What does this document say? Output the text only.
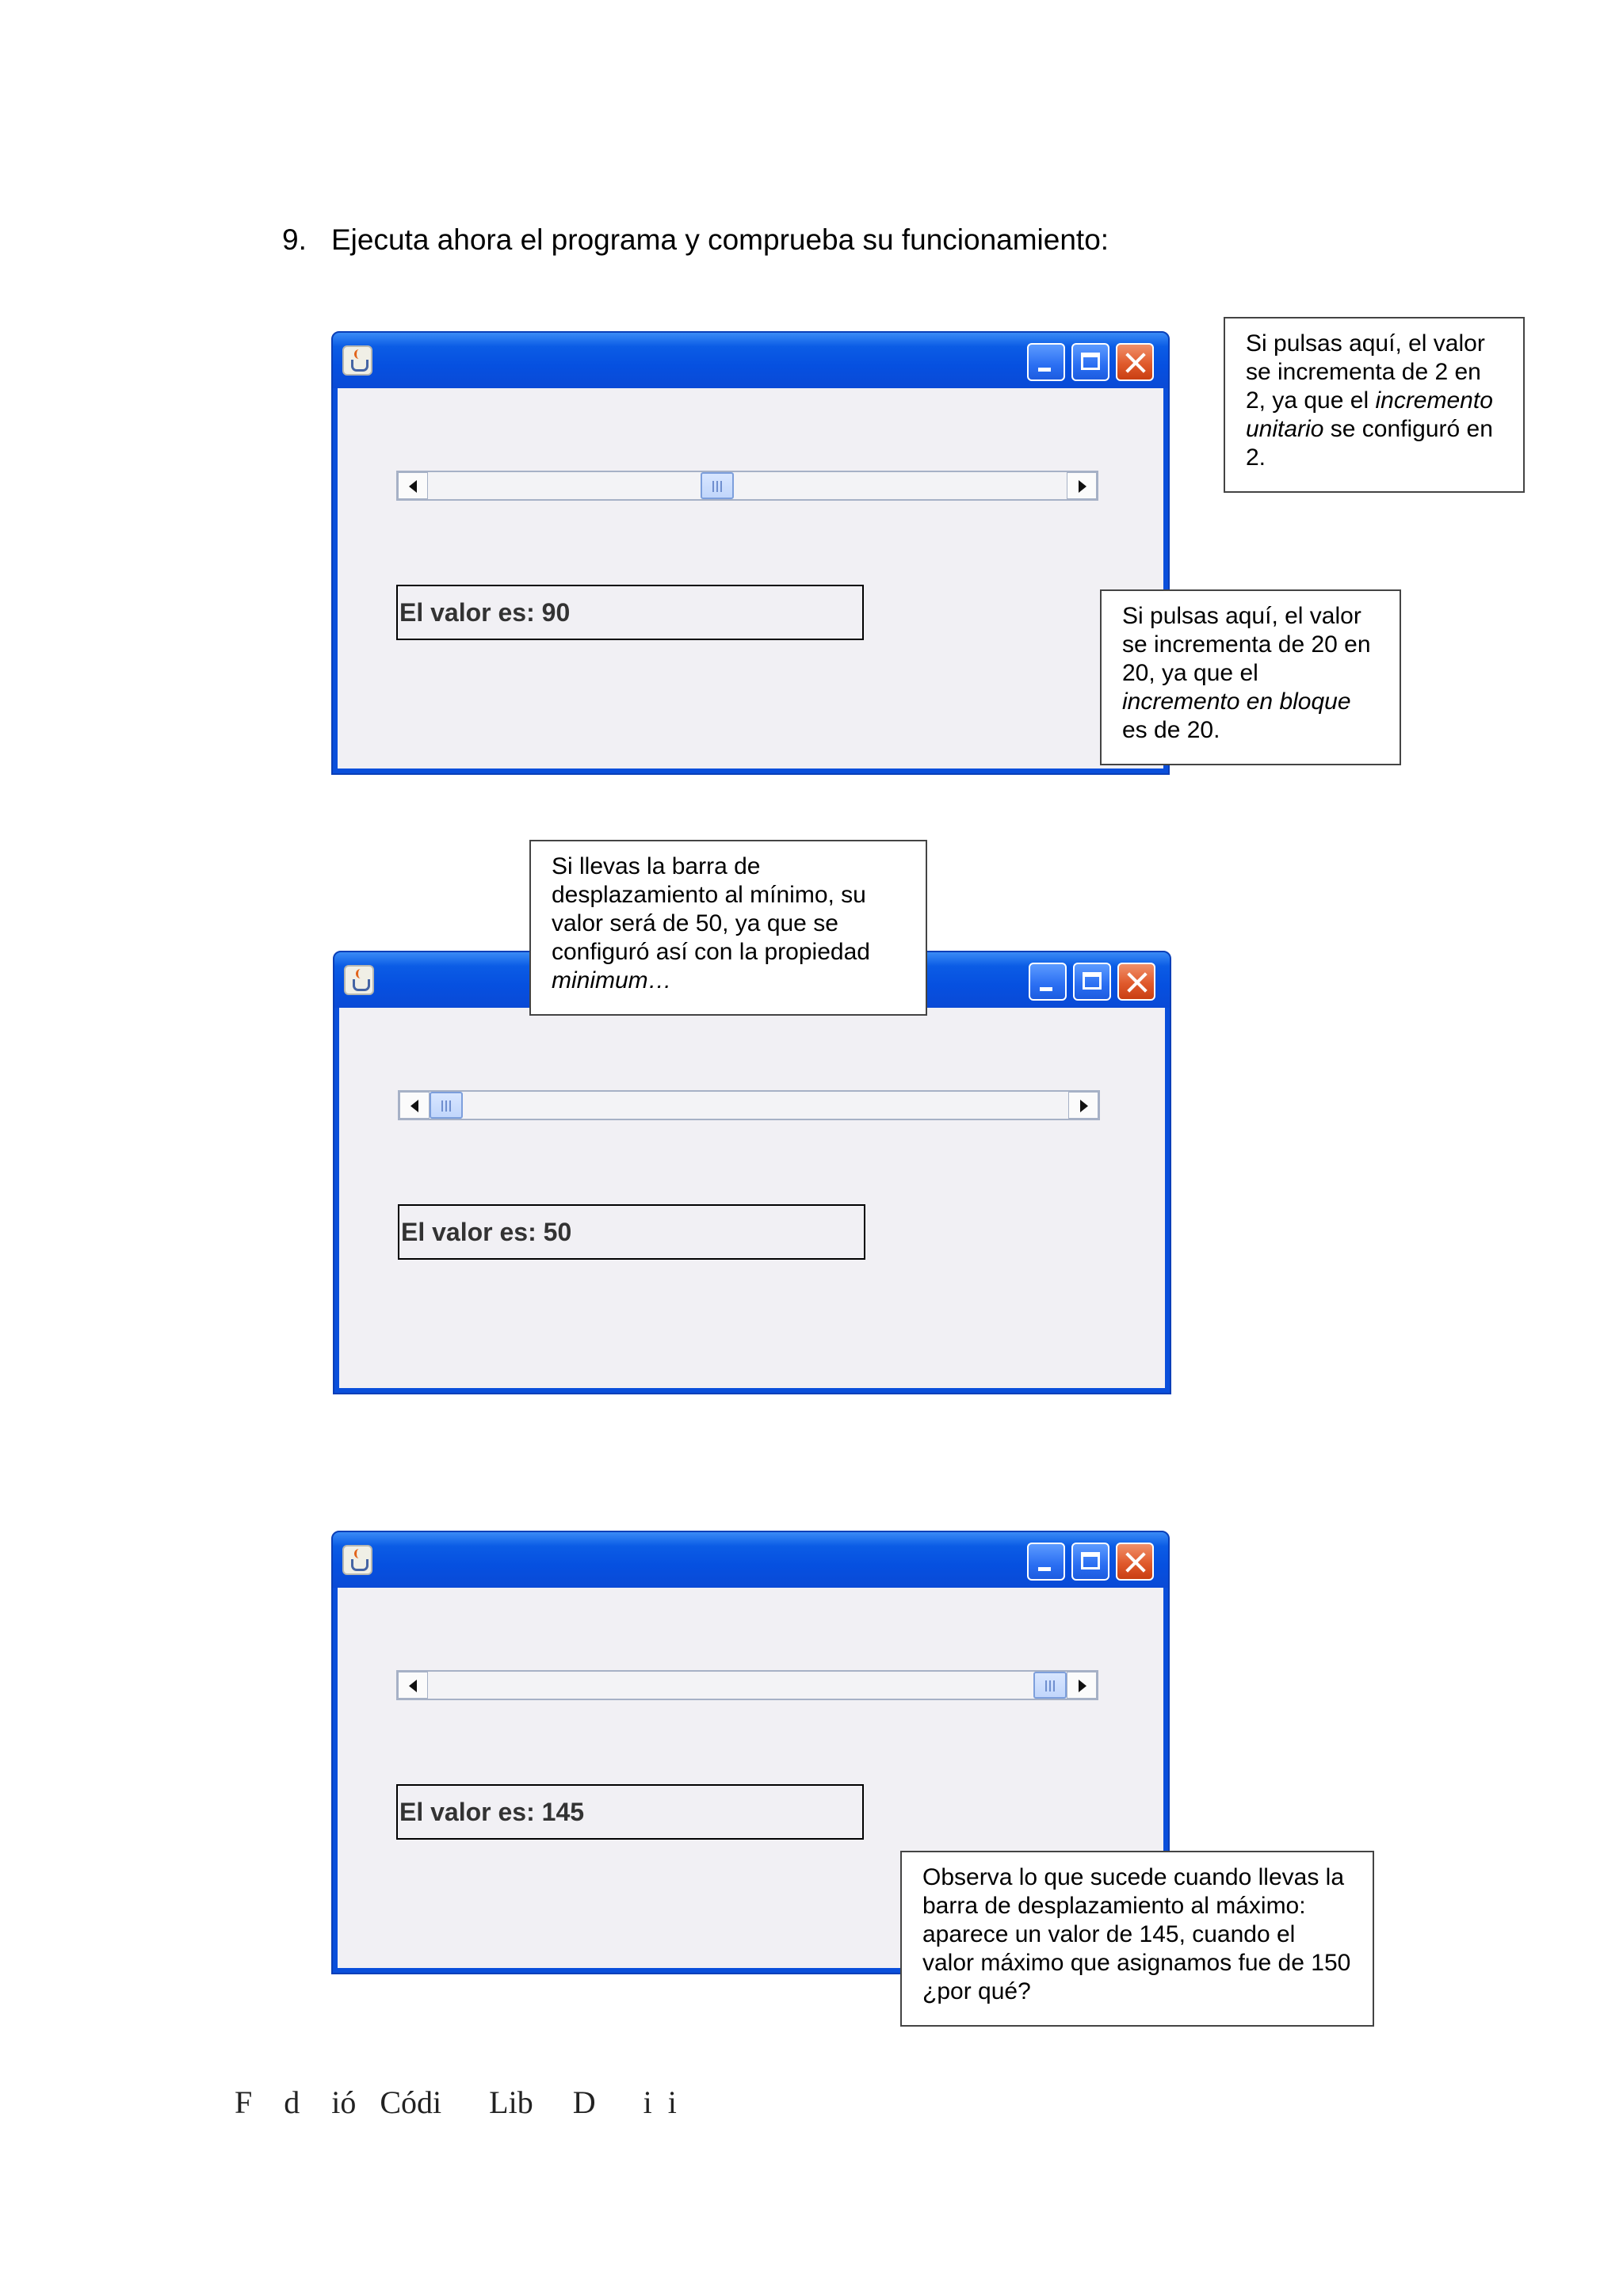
9. Ejecuta ahora el programa y comprueba su funcionamiento:
El valor es: 90
El valor es: 50
El valor es: 145
Si pulsas aquí, el valor se incrementa de 2 en 2, ya que el incremento unitario se configuró en 2.
Si pulsas aquí, el valor se incrementa de 20 en 20, ya que el incremento en bloque es de 20.
Si llevas la barra de desplazamiento al mínimo, su valor será de 50, ya que se configuró así con la propiedad minimum…
Observa lo que sucede cuando llevas la barra de desplazamiento al máximo: aparece un valor de 145, cuando el valor máximo que asignamos fue de 150 ¿por qué?
F    d    ió   Códi      Lib     D      i  i
